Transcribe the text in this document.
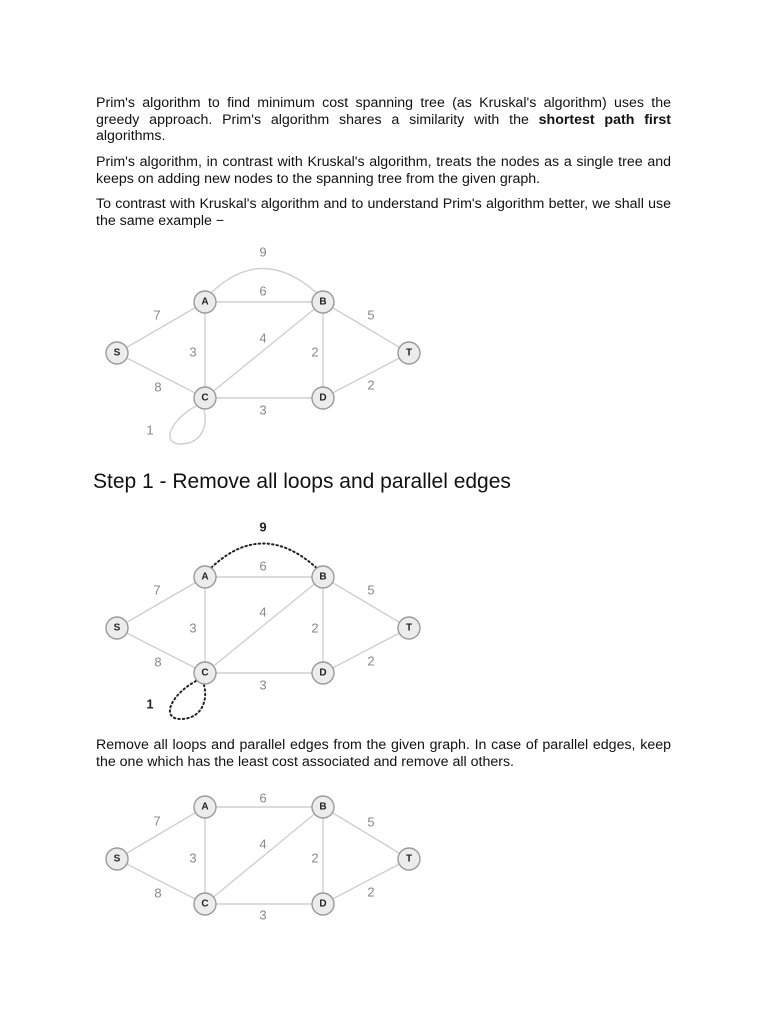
Prim's algorithm to find minimum cost spanning tree (as Kruskal's algorithm) uses the greedy approach. Prim's algorithm shares a similarity with the shortest path first algorithms.

Prim's algorithm, in contrast with Kruskal's algorithm, treats the nodes as a single tree and keeps on adding new nodes to the spanning tree from the given graph.

To contrast with Kruskal's algorithm and to understand Prim's algorithm better, we shall use the same example −

9
6
7
8
3
4
2
5
3
2
1
S
A	B
C	D
T
Step 1 - Remove all loops and parallel edges
9
6
7
8
3
4
2
5
3
2
1
S
A	B
C	D
T

Remove all loops and parallel edges from the given graph. In case of parallel edges, keep the one which has the least cost associated and remove all others.

6
7
8
3
4
2
5
3
2
S
A	B
C	D
T
